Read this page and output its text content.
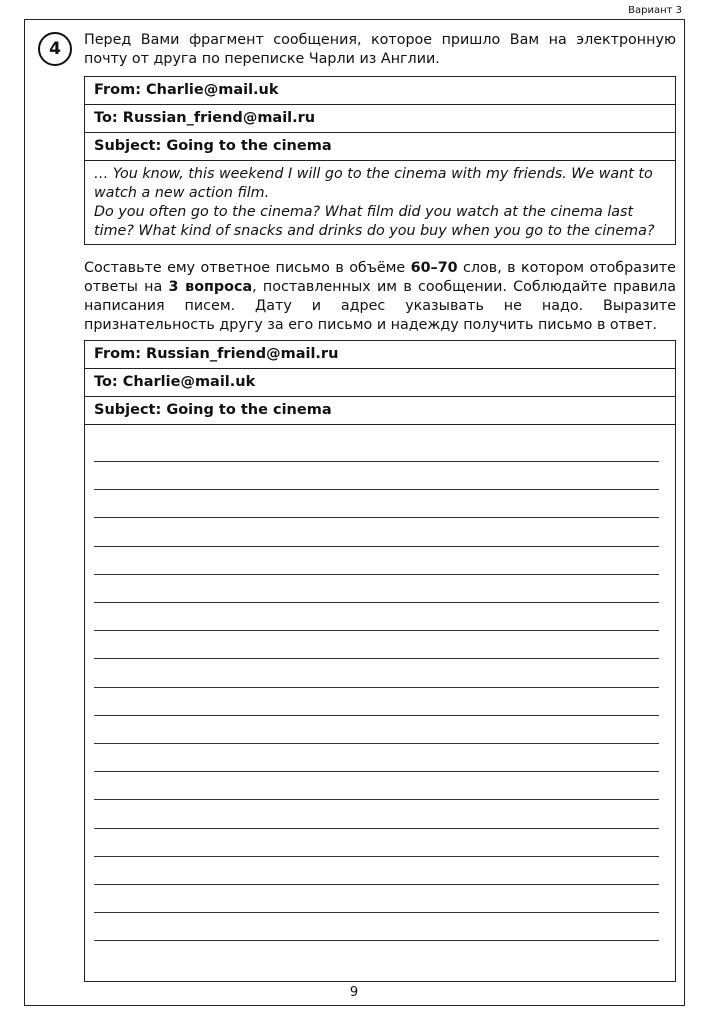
Вариант 3
4	Перед Вами фрагмент сообщения, которое пришло Вам на электронную почту от друга по переписке Чарли из Англии.
From: Charlie@mail.uk
To: Russian_friend@mail.ru
Subject: Going to the cinema

… You know, this weekend I will go to the cinema with my friends. We want to watch a new action film.

Do you often go to the cinema? What film did you watch at the cinema last time? What kind of snacks and drinks do you buy when you go to the cinema?

Составьте ему ответное письмо в объёме 60–70 слов, в котором отобразите ответы на 3 вопроса, поставленных им в сообщении. Соблюдайте правила написания писем. Дату и адрес указывать не надо. Выразите признательность другу за его письмо и надежду получить письмо в ответ.
From: Russian_friend@mail.ru
To: Charlie@mail.uk
Subject: Going to the cinema
9
